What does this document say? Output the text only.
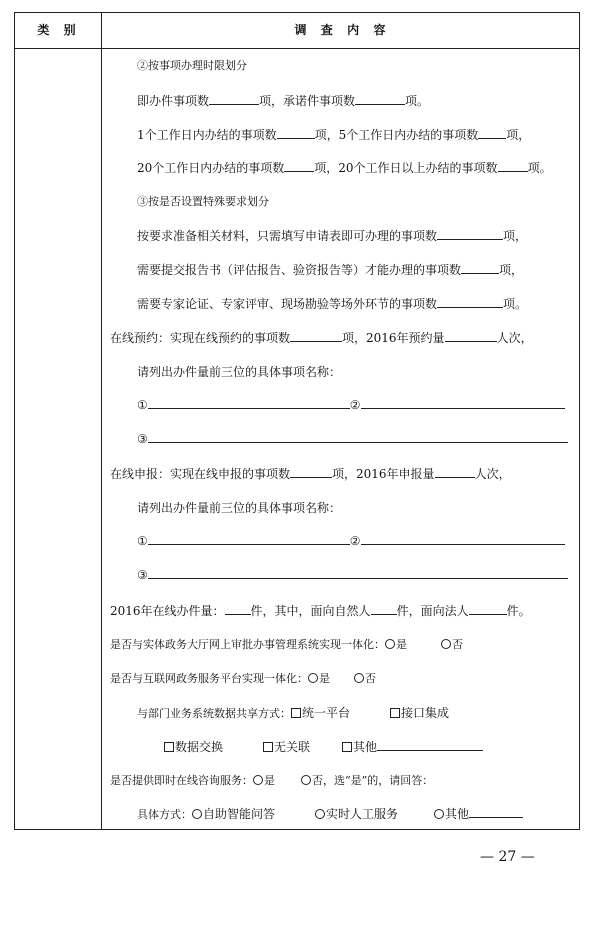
类  别	调  查  内  容
②按事项办理时限划分
即办件事项数	项，承诺件事项数	项。
1个工作日内办结的事项数	项，5个工作日内办结的事项数 项，
20个工作日内办结的事项数	项，20个工作日以上办结的事项数	项。
③按是否设置特殊要求划分
按要求准备相关材料，只需填写申请表即可办理的事项数	项，
需要提交报告书（评估报告、验资报告等）才能办理的事项数	项，
需要专家论证、专家评审、现场勘验等场外环节的事项数	项。
在线预约：实现在线预约的事项数	项，2016年预约量	人次，
请列出办件量前三位的具体事项名称：
①	②
③
在线申报：实现在线申报的事项数	项，2016年申报量	人次，
请列出办件量前三位的具体事项名称：
①	②
③
2016年在线办件量： 件，其中，面向自然人 件，面向法人	件。
是否与实体政务大厅网上审批办事管理系统实现一体化： 是	否
是否与互联网政务服务平台实现一体化： 是	否
与部门业务系统数据共享方式： 统一平台	接口集成
数据交换	无关联	其他
是否提供即时在线咨询服务： 是	否，选“是”的，请回答：
具体方式： 自助智能问答	实时人工服务	其他
— 27 —
